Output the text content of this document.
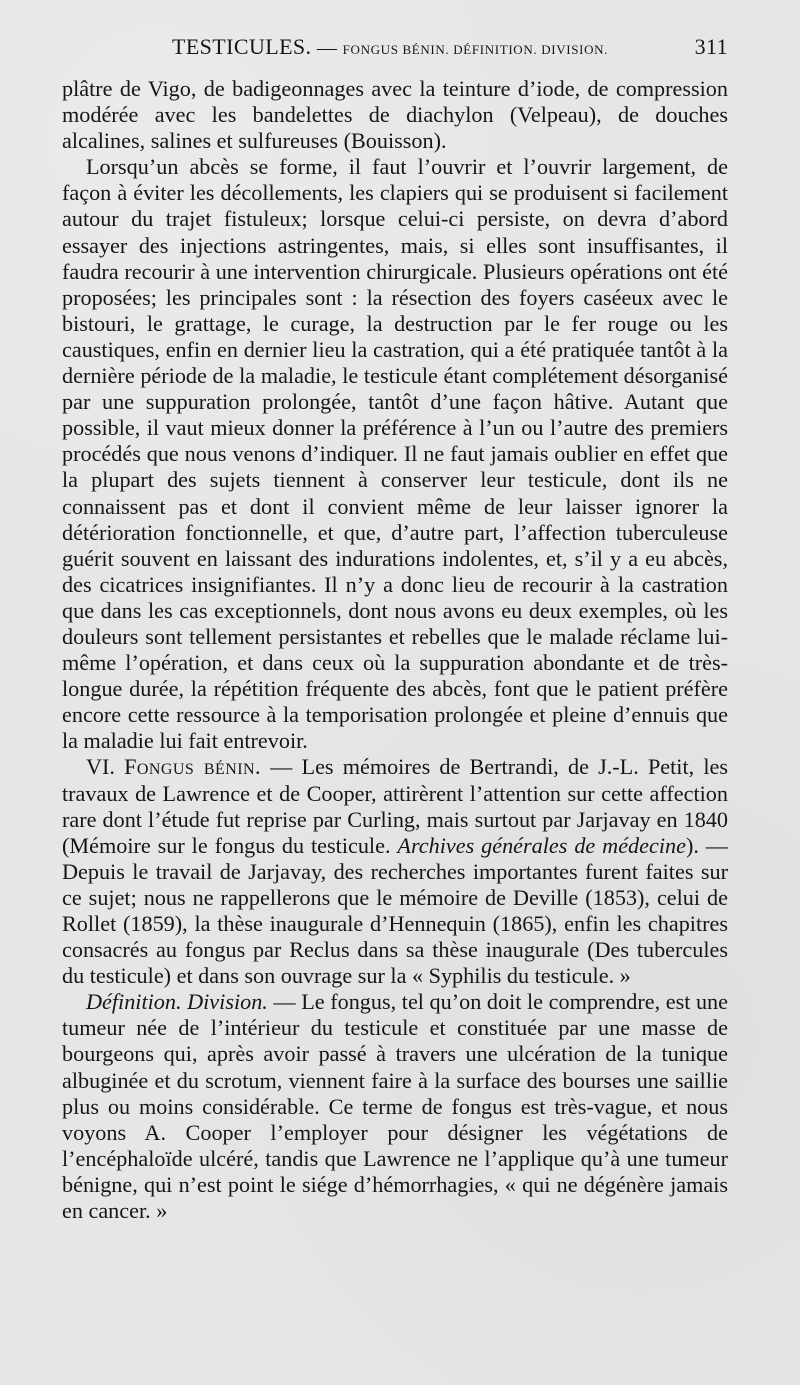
TESTICULES. — FONGUS BÉNIN. DÉFINITION. DIVISION.	311

plâtre de Vigo, de badigeonnages avec la teinture d’iode, de compression modérée avec les bandelettes de diachylon (Velpeau), de douches alcalines, salines et sulfureuses (Bouisson).

Lorsqu’un abcès se forme, il faut l’ouvrir et l’ouvrir largement, de façon à éviter les décollements, les clapiers qui se produisent si facilement autour du trajet fistuleux; lorsque celui-ci persiste, on devra d’abord essayer des injections astringentes, mais, si elles sont insuffisantes, il faudra recourir à une intervention chirurgicale. Plusieurs opérations ont été proposées; les principales sont : la résection des foyers caséeux avec le bistouri, le grattage, le curage, la destruction par le fer rouge ou les caustiques, enfin en dernier lieu la castration, qui a été pratiquée tantôt à la dernière période de la maladie, le testicule étant complétement désorganisé par une suppuration prolongée, tantôt d’une façon hâtive. Autant que possible, il vaut mieux donner la préférence à l’un ou l’autre des premiers procédés que nous venons d’indiquer. Il ne faut jamais oublier en effet que la plupart des sujets tiennent à conserver leur testicule, dont ils ne connaissent pas et dont il convient même de leur laisser ignorer la détérioration fonctionnelle, et que, d’autre part, l’affection tuberculeuse guérit souvent en laissant des indurations indolentes, et, s’il y a eu abcès, des cicatrices insignifiantes. Il n’y a donc lieu de recourir à la castration que dans les cas exceptionnels, dont nous avons eu deux exemples, où les douleurs sont tellement persistantes et rebelles que le malade réclame lui-même l’opération, et dans ceux où la suppuration abondante et de très-longue durée, la répétition fréquente des abcès, font que le patient préfère encore cette ressource à la temporisation prolongée et pleine d’ennuis que la maladie lui fait entrevoir.

VI. Fongus bénin. — Les mémoires de Bertrandi, de J.-L. Petit, les travaux de Lawrence et de Cooper, attirèrent l’attention sur cette affection rare dont l’étude fut reprise par Curling, mais surtout par Jarjavay en 1840 (Mémoire sur le fongus du testicule. Archives générales de médecine). — Depuis le travail de Jarjavay, des recherches importantes furent faites sur ce sujet; nous ne rappellerons que le mémoire de Deville (1853), celui de Rollet (1859), la thèse inaugurale d’Hennequin (1865), enfin les chapitres consacrés au fongus par Reclus dans sa thèse inaugurale (Des tubercules du testicule) et dans son ouvrage sur la « Syphilis du testicule. »

Définition. Division. — Le fongus, tel qu’on doit le comprendre, est une tumeur née de l’intérieur du testicule et constituée par une masse de bourgeons qui, après avoir passé à travers une ulcération de la tunique albuginée et du scrotum, viennent faire à la surface des bourses une saillie plus ou moins considérable. Ce terme de fongus est très-vague, et nous voyons A. Cooper l’employer pour désigner les végétations de l’encéphaloïde ulcéré, tandis que Lawrence ne l’applique qu’à une tumeur bénigne, qui n’est point le siége d’hémorrhagies, « qui ne dégénère jamais en cancer. »
